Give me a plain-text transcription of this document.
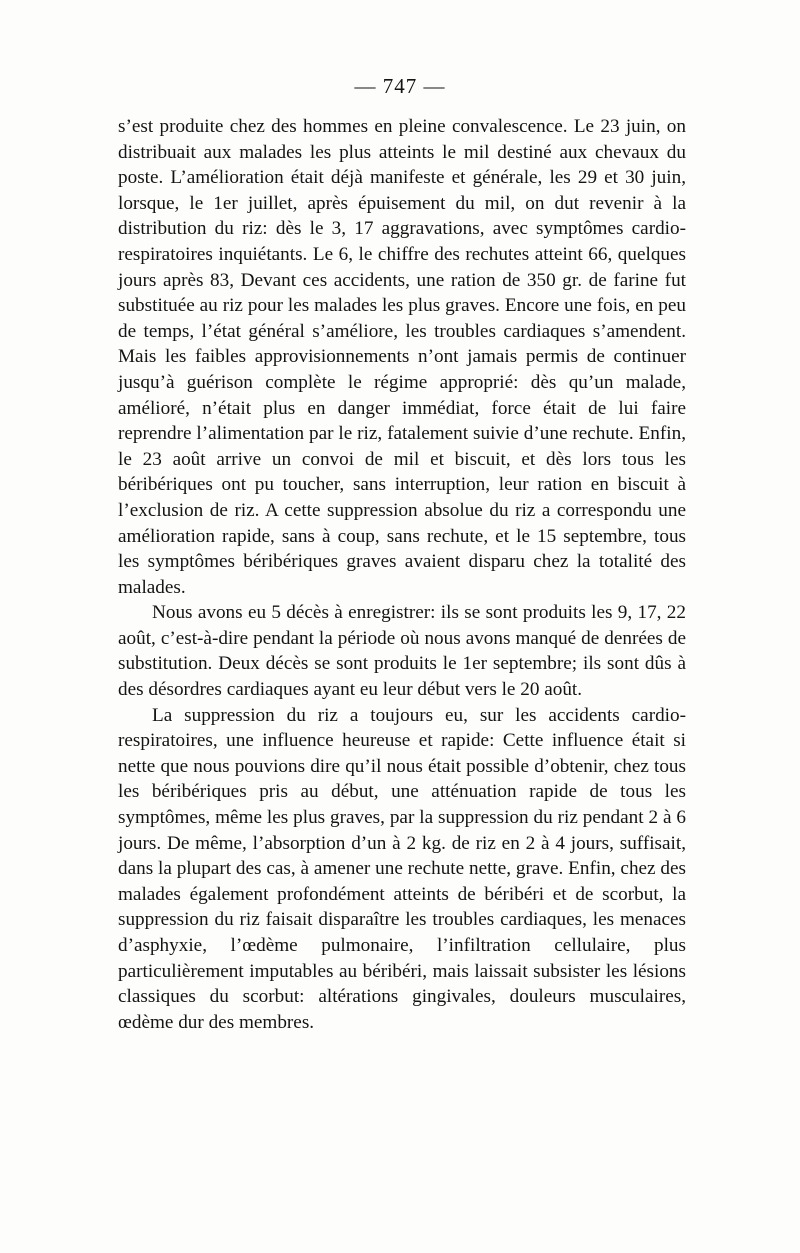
— 747 —

s’est produite chez des hommes en pleine convalescence. Le 23 juin, on distribuait aux malades les plus atteints le mil destiné aux chevaux du poste. L’amélioration était déjà manifeste et générale, les 29 et 30 juin, lorsque, le 1er juillet, après épuisement du mil, on dut revenir à la distribution du riz: dès le 3, 17 aggravations, avec symptômes cardio-respiratoires inquiétants. Le 6, le chiffre des rechutes atteint 66, quelques jours après 83, Devant ces accidents, une ration de 350 gr. de farine fut substituée au riz pour les malades les plus graves. Encore une fois, en peu de temps, l’état général s’améliore, les troubles cardiaques s’amendent. Mais les faibles approvisionnements n’ont jamais permis de continuer jusqu’à guérison complète le régime approprié: dès qu’un malade, amélioré, n’était plus en danger immédiat, force était de lui faire reprendre l’alimentation par le riz, fatalement suivie d’une rechute. Enfin, le 23 août arrive un convoi de mil et biscuit, et dès lors tous les béribériques ont pu toucher, sans interruption, leur ration en biscuit à l’exclusion de riz. A cette suppression absolue du riz a correspondu une amélioration rapide, sans à coup, sans rechute, et le 15 septembre, tous les symptômes béribériques graves avaient disparu chez la totalité des malades.

Nous avons eu 5 décès à enregistrer: ils se sont produits les 9, 17, 22 août, c’est-à-dire pendant la période où nous avons manqué de denrées de substitution. Deux décès se sont produits le 1er septembre; ils sont dûs à des désordres cardiaques ayant eu leur début vers le 20 août.

La suppression du riz a toujours eu, sur les accidents cardio-respiratoires, une influence heureuse et rapide: Cette influence était si nette que nous pouvions dire qu’il nous était possible d’obtenir, chez tous les béribériques pris au début, une atténuation rapide de tous les symptômes, même les plus graves, par la suppression du riz pendant 2 à 6 jours. De même, l’absorption d’un à 2 kg. de riz en 2 à 4 jours, suffisait, dans la plupart des cas, à amener une rechute nette, grave. Enfin, chez des malades également profondément atteints de béribéri et de scorbut, la suppression du riz faisait disparaître les troubles cardiaques, les menaces d’asphyxie, l’œdème pulmonaire, l’infiltration cellulaire, plus particulièrement imputables au béribéri, mais laissait subsister les lésions classiques du scorbut: altérations gingivales, douleurs musculaires, œdème dur des membres.
